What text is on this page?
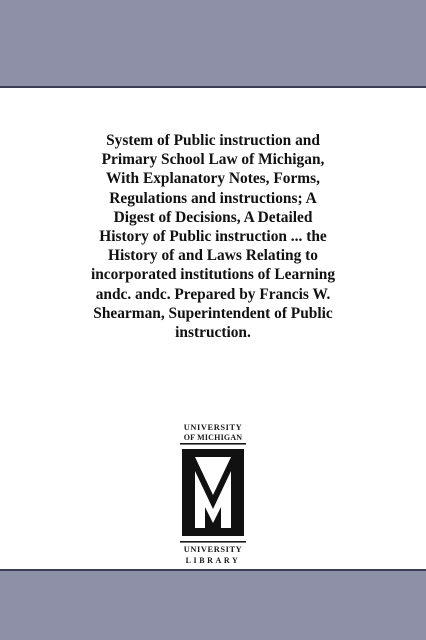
System of Public instruction and
Primary School Law of Michigan,
With Explanatory Notes, Forms,
Regulations and instructions; A
Digest of Decisions, A Detailed
History of Public instruction ... the
History of and Laws Relating to
incorporated institutions of Learning
andc. andc. Prepared by Francis W.
Shearman, Superintendent of Public
instruction.

UNIVERSITY
OF MICHIGAN
UNIVERSITY
LIBRARY
